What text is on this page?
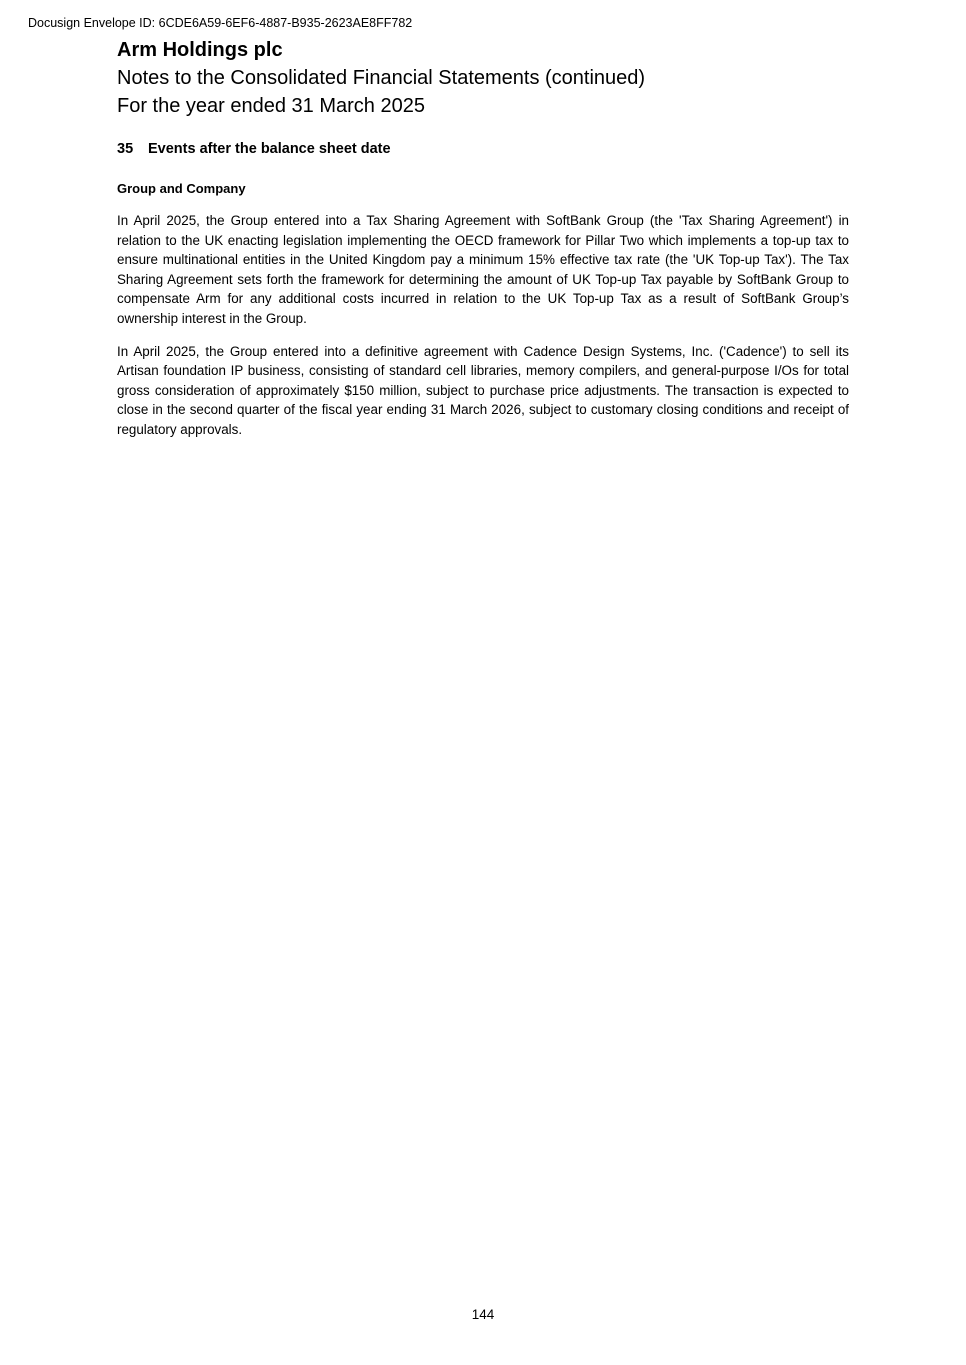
Docusign Envelope ID: 6CDE6A59-6EF6-4887-B935-2623AE8FF782

Arm Holdings plc

Notes to the Consolidated Financial Statements (continued)

For the year ended 31 March 2025

35 Events after the balance sheet date
Group and Company

In April 2025, the Group entered into a Tax Sharing Agreement with SoftBank Group (the 'Tax Sharing Agreement') in relation to the UK enacting legislation implementing the OECD framework for Pillar Two which implements a top-up tax to ensure multinational entities in the United Kingdom pay a minimum 15% effective tax rate (the 'UK Top-up Tax'). The Tax Sharing Agreement sets forth the framework for determining the amount of UK Top-up Tax payable by SoftBank Group to compensate Arm for any additional costs incurred in relation to the UK Top-up Tax as a result of SoftBank Group’s ownership interest in the Group.

In April 2025, the Group entered into a definitive agreement with Cadence Design Systems, Inc. ('Cadence') to sell its Artisan foundation IP business, consisting of standard cell libraries, memory compilers, and general-purpose I/Os for total gross consideration of approximately $150 million, subject to purchase price adjustments. The transaction is expected to close in the second quarter of the fiscal year ending 31 March 2026, subject to customary closing conditions and receipt of regulatory approvals.

144
